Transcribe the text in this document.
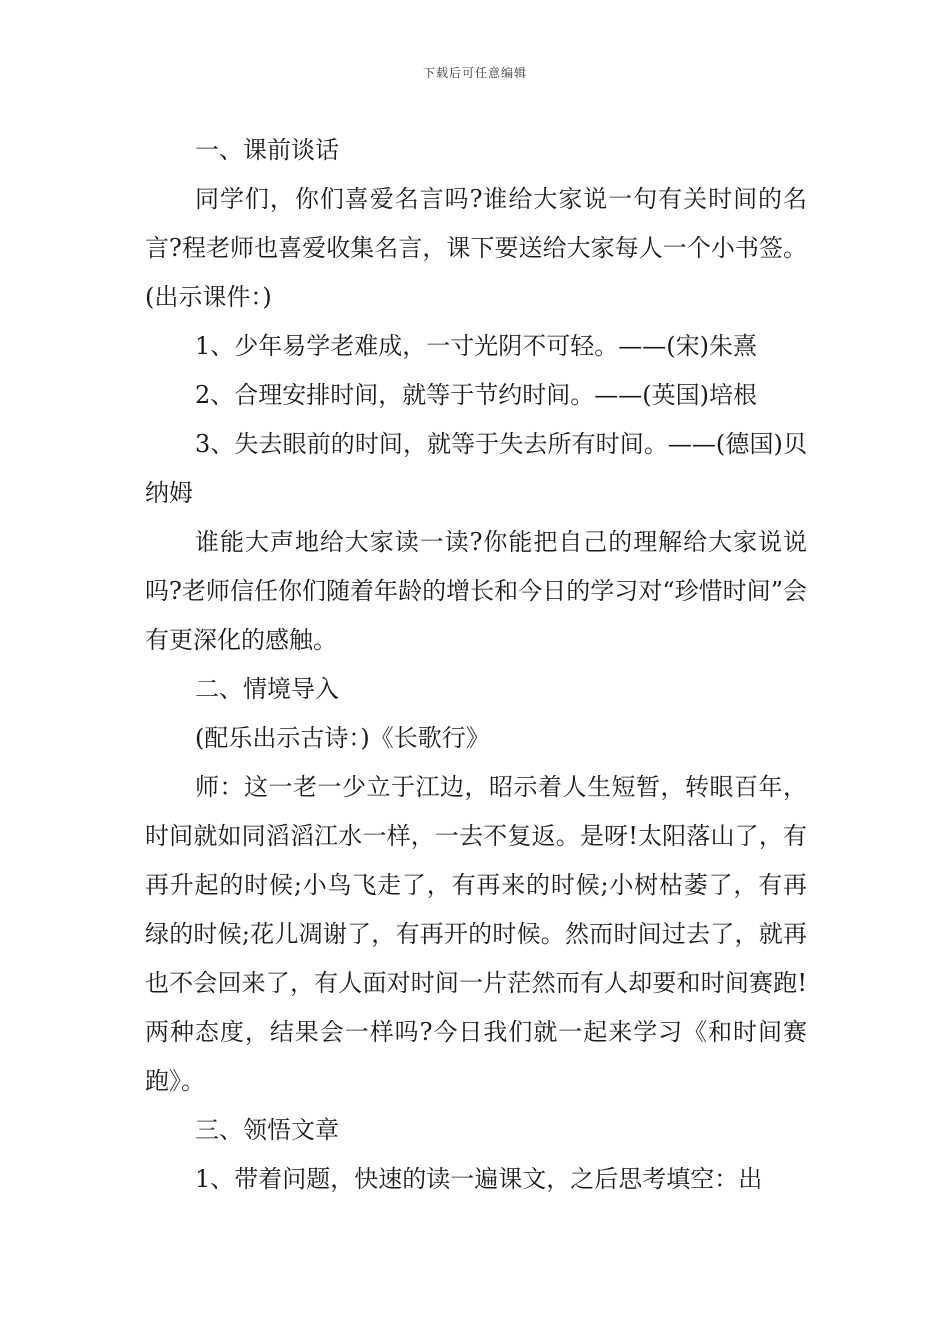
下载后可任意编辑

一、课前谈话

同学们，你们喜爱名言吗?谁给大家说一句有关时间的名言?程老师也喜爱收集名言，课下要送给大家每人一个小书签。(出示课件：)

1、少年易学老难成，一寸光阴不可轻。——(宋)朱熹

2、合理安排时间，就等于节约时间。——(英国)培根

3、失去眼前的时间，就等于失去所有时间。——(德国)贝纳姆

谁能大声地给大家读一读?你能把自己的理解给大家说说吗?老师信任你们随着年龄的增长和今日的学习对“珍惜时间”会有更深化的感触。

二、情境导入

(配乐出示古诗：)《长歌行》

师：这一老一少立于江边，昭示着人生短暂，转眼百年，时间就如同滔滔江水一样，一去不复返。是呀!太阳落山了，有再升起的时候;小鸟飞走了，有再来的时候;小树枯萎了，有再绿的时候;花儿凋谢了，有再开的时候。然而时间过去了，就再也不会回来了，有人面对时间一片茫然而有人却要和时间赛跑!两种态度，结果会一样吗?今日我们就一起来学习《和时间赛跑》。

三、领悟文章

1、带着问题，快速的读一遍课文，之后思考填空：出
